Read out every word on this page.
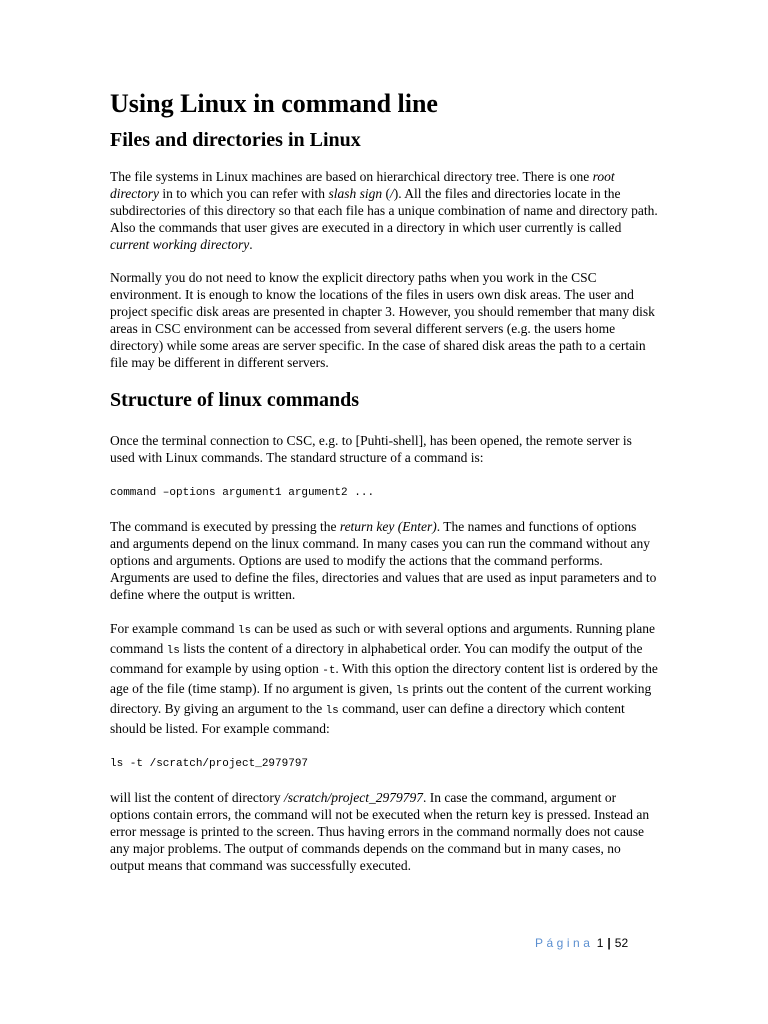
Using Linux in command line
Files and directories in Linux

The file systems in Linux machines are based on hierarchical directory tree. There is one root directory in to which you can refer with slash sign (/). All the files and directories locate in the subdirectories of this directory so that each file has a unique combination of name and directory path. Also the commands that user gives are executed in a directory in which user currently is called current working directory.

Normally you do not need to know the explicit directory paths when you work in the CSC environment. It is enough to know the locations of the files in users own disk areas. The user and project specific disk areas are presented in chapter 3. However, you should remember that many disk areas in CSC environment can be accessed from several different servers (e.g. the users home directory) while some areas are server specific. In the case of shared disk areas the path to a certain file may be different in different servers.

Structure of linux commands

Once the terminal connection to CSC, e.g. to [Puhti-shell], has been opened, the remote server is used with Linux commands. The standard structure of a command is:

command –options argument1 argument2 ...

The command is executed by pressing the return key (Enter). The names and functions of options and arguments depend on the linux command. In many cases you can run the command without any options and arguments. Options are used to modify the actions that the command performs. Arguments are used to define the files, directories and values that are used as input parameters and to define where the output is written.

For example command ls can be used as such or with several options and arguments. Running plane command ls lists the content of a directory in alphabetical order. You can modify the output of the command for example by using option -t. With this option the directory content list is ordered by the age of the file (time stamp). If no argument is given, ls prints out the content of the current working directory. By giving an argument to the ls command, user can define a directory which content should be listed. For example command:

ls -t /scratch/project_2979797

will list the content of directory /scratch/project_2979797. In case the command, argument or options contain errors, the command will not be executed when the return key is pressed. Instead an error message is printed to the screen. Thus having errors in the command normally does not cause any major problems. The output of commands depends on the command but in many cases, no output means that command was successfully executed.

Página 1 | 52
